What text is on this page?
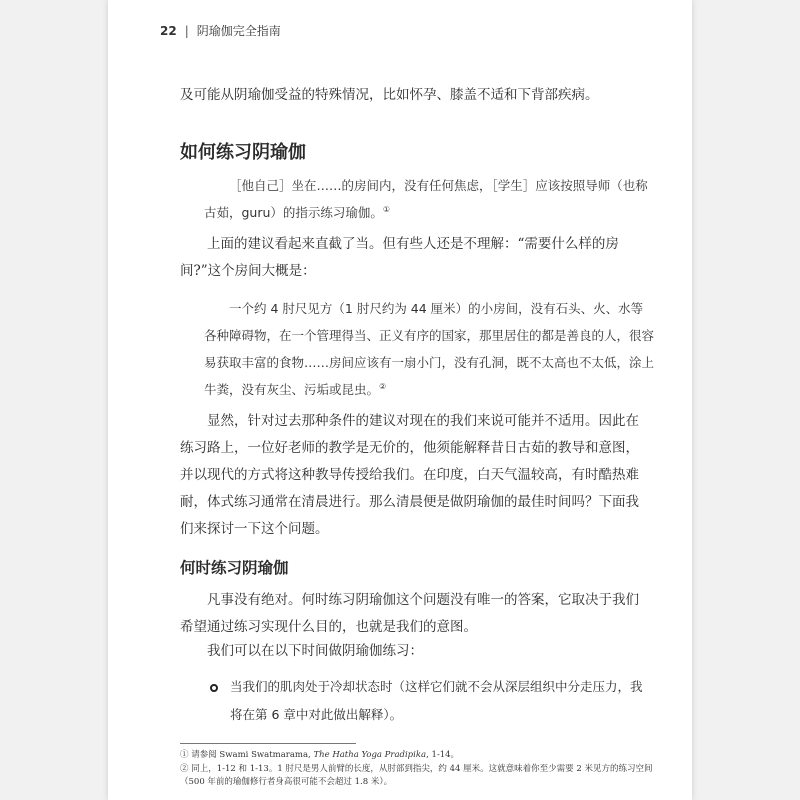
22 | 阴瑜伽完全指南

及可能从阴瑜伽受益的特殊情况，比如怀孕、膝盖不适和下背部疾病。

如何练习阴瑜伽

［他自己］坐在……的房间内，没有任何焦虑，［学生］应该按照导师（也称古茹，guru）的指示练习瑜伽。①

上面的建议看起来直截了当。但有些人还是不理解：“需要什么样的房间?”这个房间大概是：

一个约 4 肘尺见方（1 肘尺约为 44 厘米）的小房间，没有石头、火、水等各种障碍物，在一个管理得当、正义有序的国家，那里居住的都是善良的人，很容易获取丰富的食物……房间应该有一扇小门，没有孔洞，既不太高也不太低，涂上牛粪，没有灰尘、污垢或昆虫。②

显然，针对过去那种条件的建议对现在的我们来说可能并不适用。因此在练习路上，一位好老师的教学是无价的，他须能解释昔日古茹的教导和意图，并以现代的方式将这种教导传授给我们。在印度，白天气温较高，有时酷热难耐，体式练习通常在清晨进行。那么清晨便是做阴瑜伽的最佳时间吗？下面我们来探讨一下这个问题。

何时练习阴瑜伽

凡事没有绝对。何时练习阴瑜伽这个问题没有唯一的答案，它取决于我们希望通过练习实现什么目的，也就是我们的意图。

我们可以在以下时间做阴瑜伽练习：

当我们的肌肉处于冷却状态时（这样它们就不会从深层组织中分走压力，我将在第 6 章中对此做出解释）。

① 请参阅 Swami Swatmarama, The Hatha Yoga Pradipika, 1-14。

② 同上，1-12 和 1-13。1 肘尺是男人前臂的长度，从肘部到指尖，约 44 厘米。这就意味着你至少需要 2 米见方的练习空间（500 年前的瑜伽修行者身高很可能不会超过 1.8 米）。
